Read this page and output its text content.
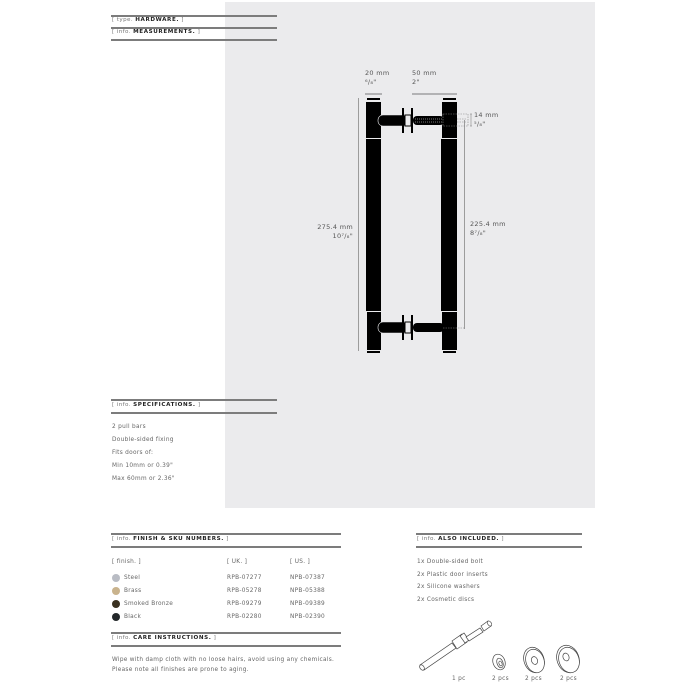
[ type. HARDWARE. ]
[ info. MEASUREMENTS. ]
20 mm
⁶/₈"
50 mm
2"
14 mm
⁵/₈"
275.4 mm
10⁷/₈"
225.4 mm
8⁷/₈"
[ info. SPECIFICATIONS. ]
2 pull bars
Double-sided fixing
Fits doors of:
Min 10mm or 0.39"
Max 60mm or 2.36"
[ info. FINISH & SKU NUMBERS. ]
[ finish. ]	[ UK. ]	[ US. ]
Steel	RPB-07277	NPB-07387
Brass	RPB-05278	NPB-05388
Smoked Bronze	RPB-09279	NPB-09389
Black	RPB-02280	NPB-02390
[ info. CARE INSTRUCTIONS. ]
Wipe with damp cloth with no loose hairs, avoid using any chemicals.
Please note all finishes are prone to aging.
[ info. ALSO INCLUDED. ]
1x Double-sided bolt
2x Plastic door inserts
2x Silicone washers
2x Cosmetic discs
1 pc	2 pcs	2 pcs	2 pcs
